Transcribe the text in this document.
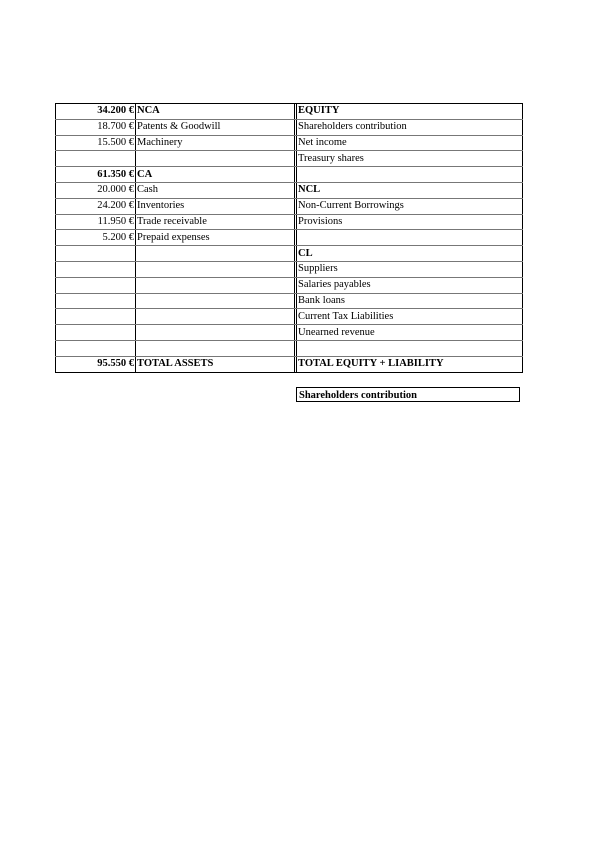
34.200 €	NCA		EQUITY
18.700 €	Patents & Goodwill		Shareholders contribution
15.500 €	Machinery		Net income
			Treasury shares
61.350 €	CA		
20.000 €	Cash		NCL
24.200 €	Inventories		Non-Current Borrowings
11.950 €	Trade receivable		Provisions
5.200 €	Prepaid expenses		
			CL
			Suppliers
			Salaries payables
			Bank loans
			Current Tax Liabilities
			Unearned revenue

95.550 €	TOTAL ASSETS		TOTAL EQUITY + LIABILITY
Shareholders contribution
